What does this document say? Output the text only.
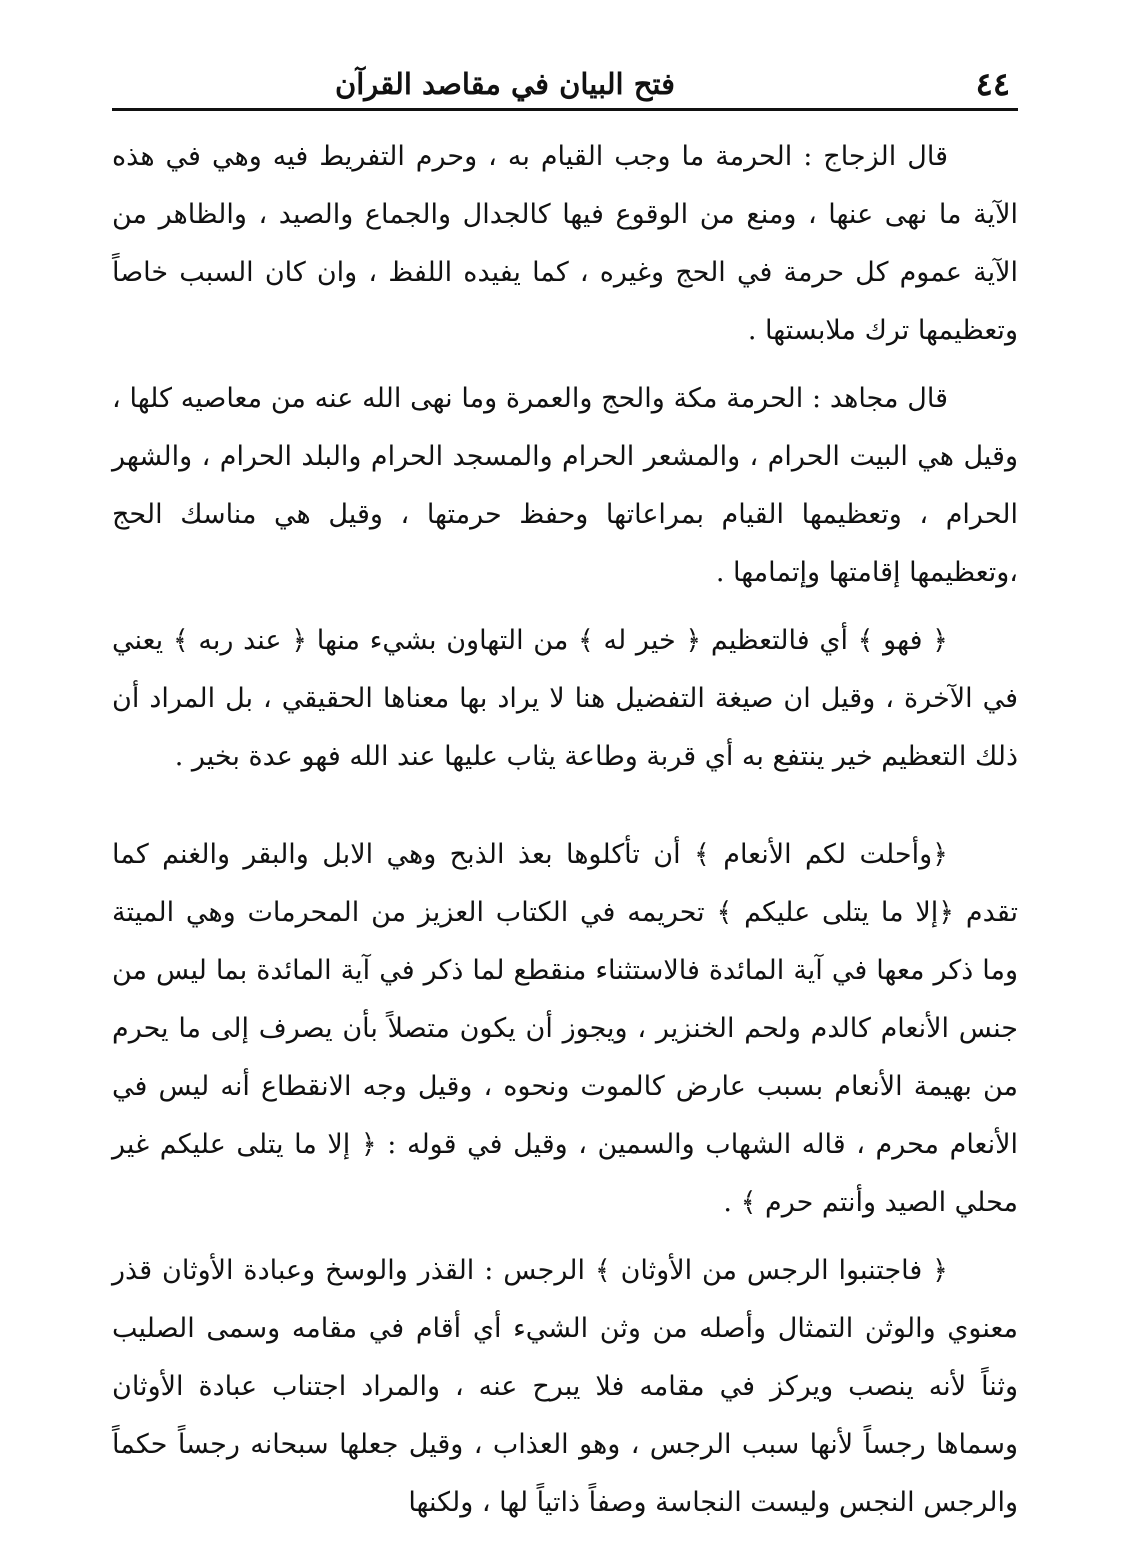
٤٤
فتح البيان في مقاصد القرآن

قال الزجاج : الحرمة ما وجب القيام به ، وحرم التفريط فيه وهي في هذه الآية ما نهى عنها ، ومنع من الوقوع فيها كالجدال والجماع والصيد ، والظاهر من الآية عموم كل حرمة في الحج وغيره ، كما يفيده اللفظ ، وان كان السبب خاصاً وتعظيمها ترك ملابستها .

قال مجاهد : الحرمة مكة والحج والعمرة وما نهى الله عنه من معاصيه كلها ، وقيل هي البيت الحرام ، والمشعر الحرام والمسجد الحرام والبلد الحرام ، والشهر الحرام ، وتعظيمها القيام بمراعاتها وحفظ حرمتها ، وقيل هي مناسك الحج ،وتعظيمها إقامتها وإتمامها .

﴿ فهو ﴾ أي فالتعظيم ﴿ خير له ﴾ من التهاون بشيء منها ﴿ عند ربه ﴾ يعني في الآخرة ، وقيل ان صيغة التفضيل هنا لا يراد بها معناها الحقيقي ، بل المراد أن ذلك التعظيم خير ينتفع به أي قربة وطاعة يثاب عليها عند الله فهو عدة بخير .

﴿وأحلت لكم الأنعام ﴾ أن تأكلوها بعذ الذبح وهي الابل والبقر والغنم كما تقدم ﴿إلا ما يتلى عليكم ﴾ تحريمه في الكتاب العزيز من المحرمات وهي الميتة وما ذكر معها في آية المائدة فالاستثناء منقطع لما ذكر في آية المائدة بما ليس من جنس الأنعام كالدم ولحم الخنزير ، ويجوز أن يكون متصلاً بأن يصرف إلى ما يحرم من بهيمة الأنعام بسبب عارض كالموت ونحوه ، وقيل وجه الانقطاع أنه ليس في الأنعام محرم ، قاله الشهاب والسمين ، وقيل في قوله : ﴿ إلا ما يتلى عليكم غير محلي الصيد وأنتم حرم ﴾ .

﴿ فاجتنبوا الرجس من الأوثان ﴾ الرجس : القذر والوسخ وعبادة الأوثان قذر معنوي والوثن التمثال وأصله من وثن الشيء أي أقام في مقامه وسمى الصليب وثناً لأنه ينصب ويركز في مقامه فلا يبرح عنه ، والمراد اجتناب عبادة الأوثان وسماها رجساً لأنها سبب الرجس ، وهو العذاب ، وقيل جعلها سبحانه رجساً حكماً والرجس النجس وليست النجاسة وصفاً ذاتياً لها ، ولكنها
